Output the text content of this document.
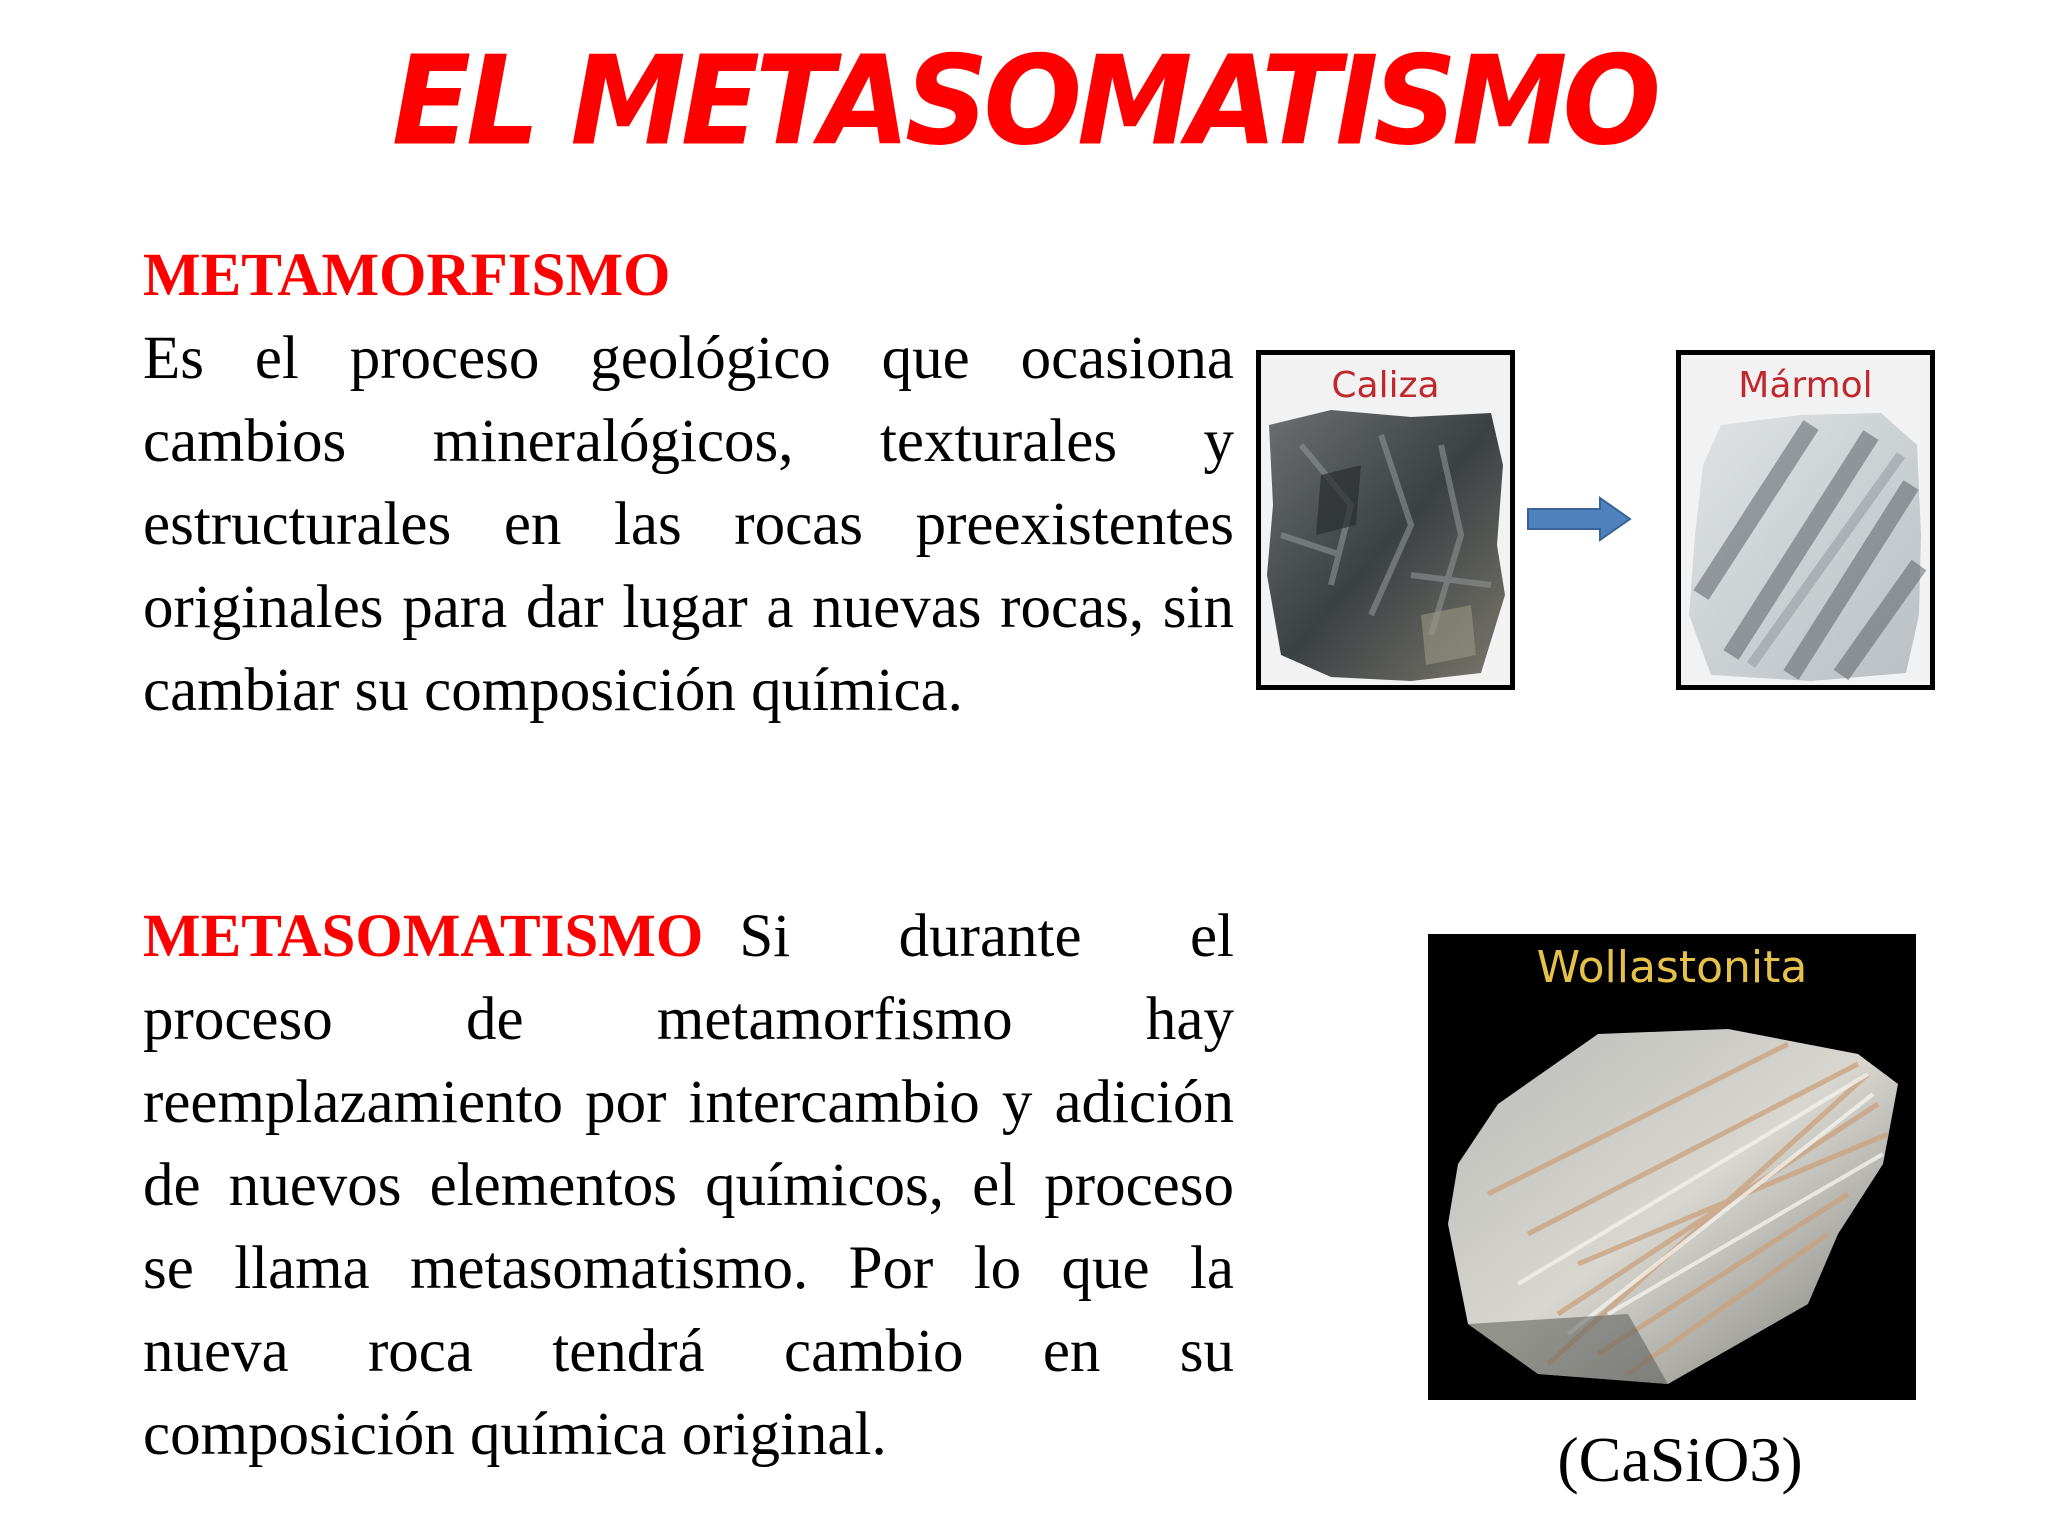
EL METASOMATISMO
METAMORFISMO

Es el proceso geológico que ocasiona cambios mineralógicos, texturales y estructurales en las rocas preexistentes originales para dar lugar a nuevas rocas, sin cambiar su composición química.

METASOMATISMO Si durante el proceso de metamorfismo hay reemplazamiento por intercambio y adición de nuevos elementos químicos, el proceso se llama metasomatismo. Por lo que la nueva roca tendrá cambio en su composición química original.

Caliza	Mármol
Wollastonita
(CaSiO3)
